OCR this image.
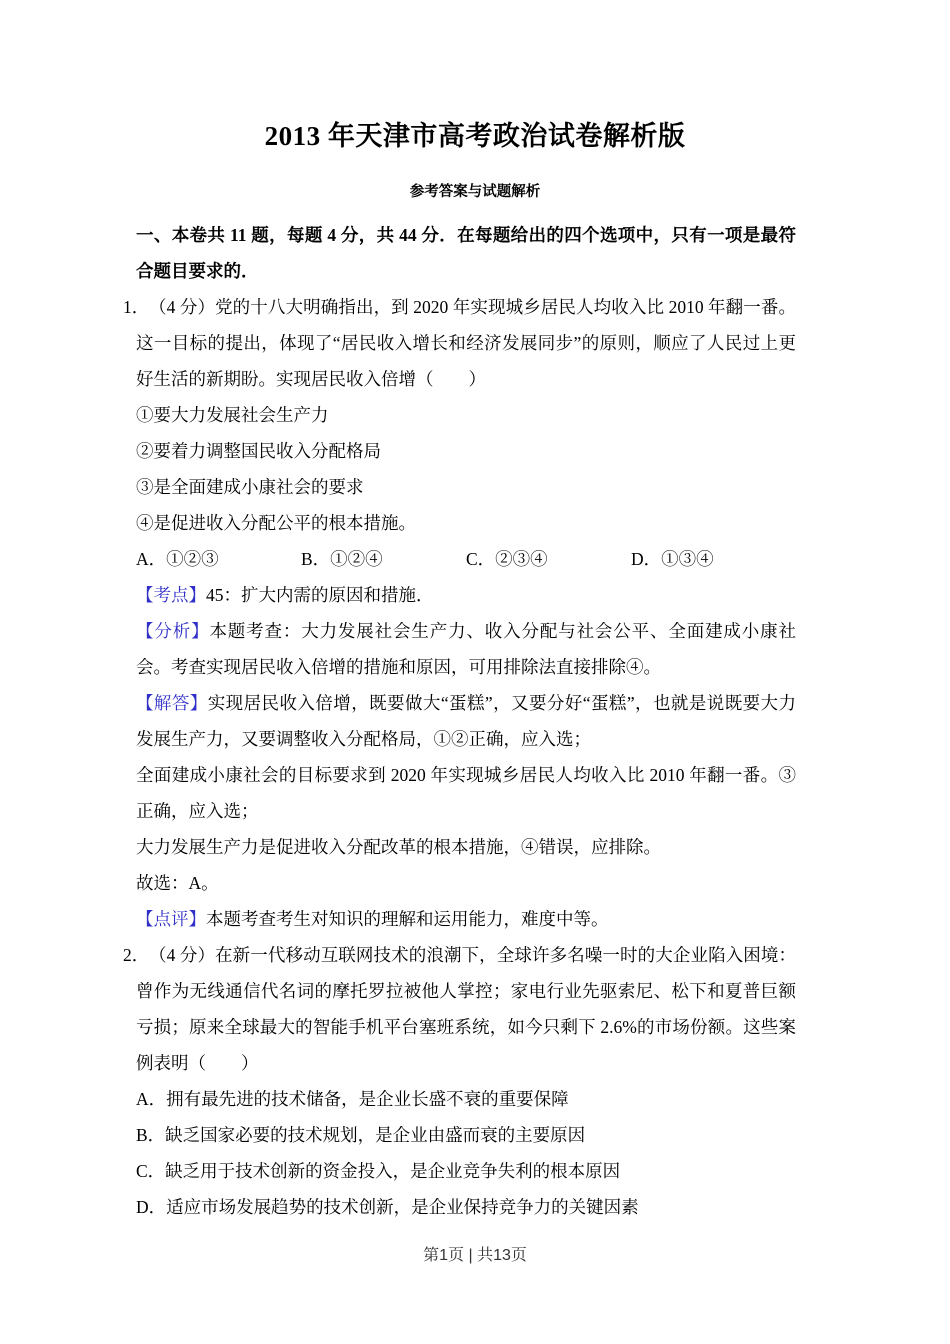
2013 年天津市高考政治试卷解析版
参考答案与试题解析

一、本卷共 11 题，每题 4 分，共 44 分．在每题给出的四个选项中，只有一项是最符合题目要求的．

1． （4 分）党的十八大明确指出，到 2020 年实现城乡居民人均收入比 2010 年翻一番。这一目标的提出，体现了“居民收入增长和经济发展同步”的原则，顺应了人民过上更好生活的新期盼。实现居民收入倍增（　　）

①要大力发展社会生产力

②要着力调整国民收入分配格局

③是全面建成小康社会的要求

④是促进收入分配公平的根本措施。

A．①②③	B．①②④	C．②③④	D．①③④

【考点】45：扩大内需的原因和措施．

【分析】本题考查：大力发展社会生产力、收入分配与社会公平、全面建成小康社会。考查实现居民收入倍增的措施和原因，可用排除法直接排除④。

【解答】实现居民收入倍增，既要做大“蛋糕”，又要分好“蛋糕”，也就是说既要大力发展生产力，又要调整收入分配格局，①②正确，应入选；

全面建成小康社会的目标要求到 2020 年实现城乡居民人均收入比 2010 年翻一番。③正确，应入选；

大力发展生产力是促进收入分配改革的根本措施，④错误，应排除。

故选：A。

【点评】本题考查考生对知识的理解和运用能力，难度中等。

2． （4 分）在新一代移动互联网技术的浪潮下，全球许多名噪一时的大企业陷入困境：曾作为无线通信代名词的摩托罗拉被他人掌控；家电行业先驱索尼、松下和夏普巨额亏损；原来全球最大的智能手机平台塞班系统，如今只剩下 2.6%的市场份额。这些案例表明（　　）

A．拥有最先进的技术储备，是企业长盛不衰的重要保障

B．缺乏国家必要的技术规划，是企业由盛而衰的主要原因

C．缺乏用于技术创新的资金投入，是企业竞争失利的根本原因

D．适应市场发展趋势的技术创新，是企业保持竞争力的关键因素

第1页 | 共13页
